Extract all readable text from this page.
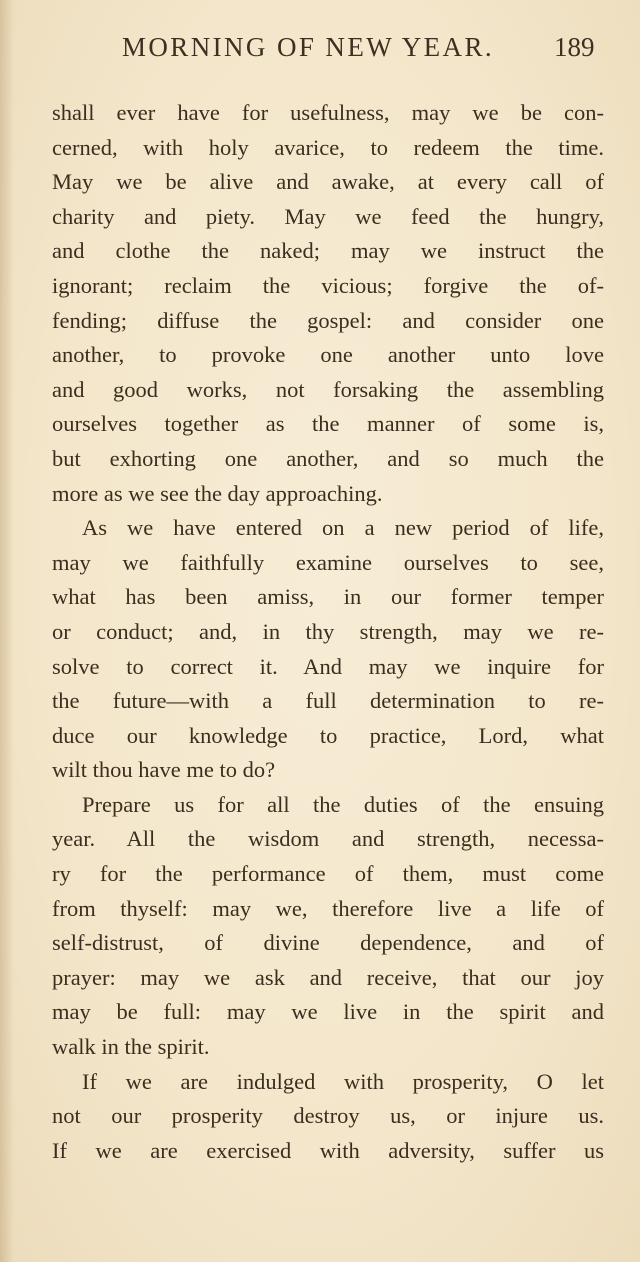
MORNING OF NEW YEAR. 189
shall ever have for usefulness, may we be con-
cerned, with holy avarice, to redeem the time.
May we be alive and awake, at every call of
charity and piety. May we feed the hungry,
and clothe the naked; may we instruct the
ignorant; reclaim the vicious; forgive the of-
fending; diffuse the gospel: and consider one
another, to provoke one another unto love
and good works, not forsaking the assembling
ourselves together as the manner of some is,
but exhorting one another, and so much the
more as we see the day approaching.
As we have entered on a new period of life,
may we faithfully examine ourselves to see,
what has been amiss, in our former temper
or conduct; and, in thy strength, may we re-
solve to correct it. And may we inquire for
the future—with a full determination to re-
duce our knowledge to practice, Lord, what
wilt thou have me to do?
Prepare us for all the duties of the ensuing
year. All the wisdom and strength, necessa-
ry for the performance of them, must come
from thyself: may we, therefore live a life of
self-distrust, of divine dependence, and of
prayer: may we ask and receive, that our joy
may be full: may we live in the spirit and
walk in the spirit.
If we are indulged with prosperity, O let
not our prosperity destroy us, or injure us.
If we are exercised with adversity, suffer us
